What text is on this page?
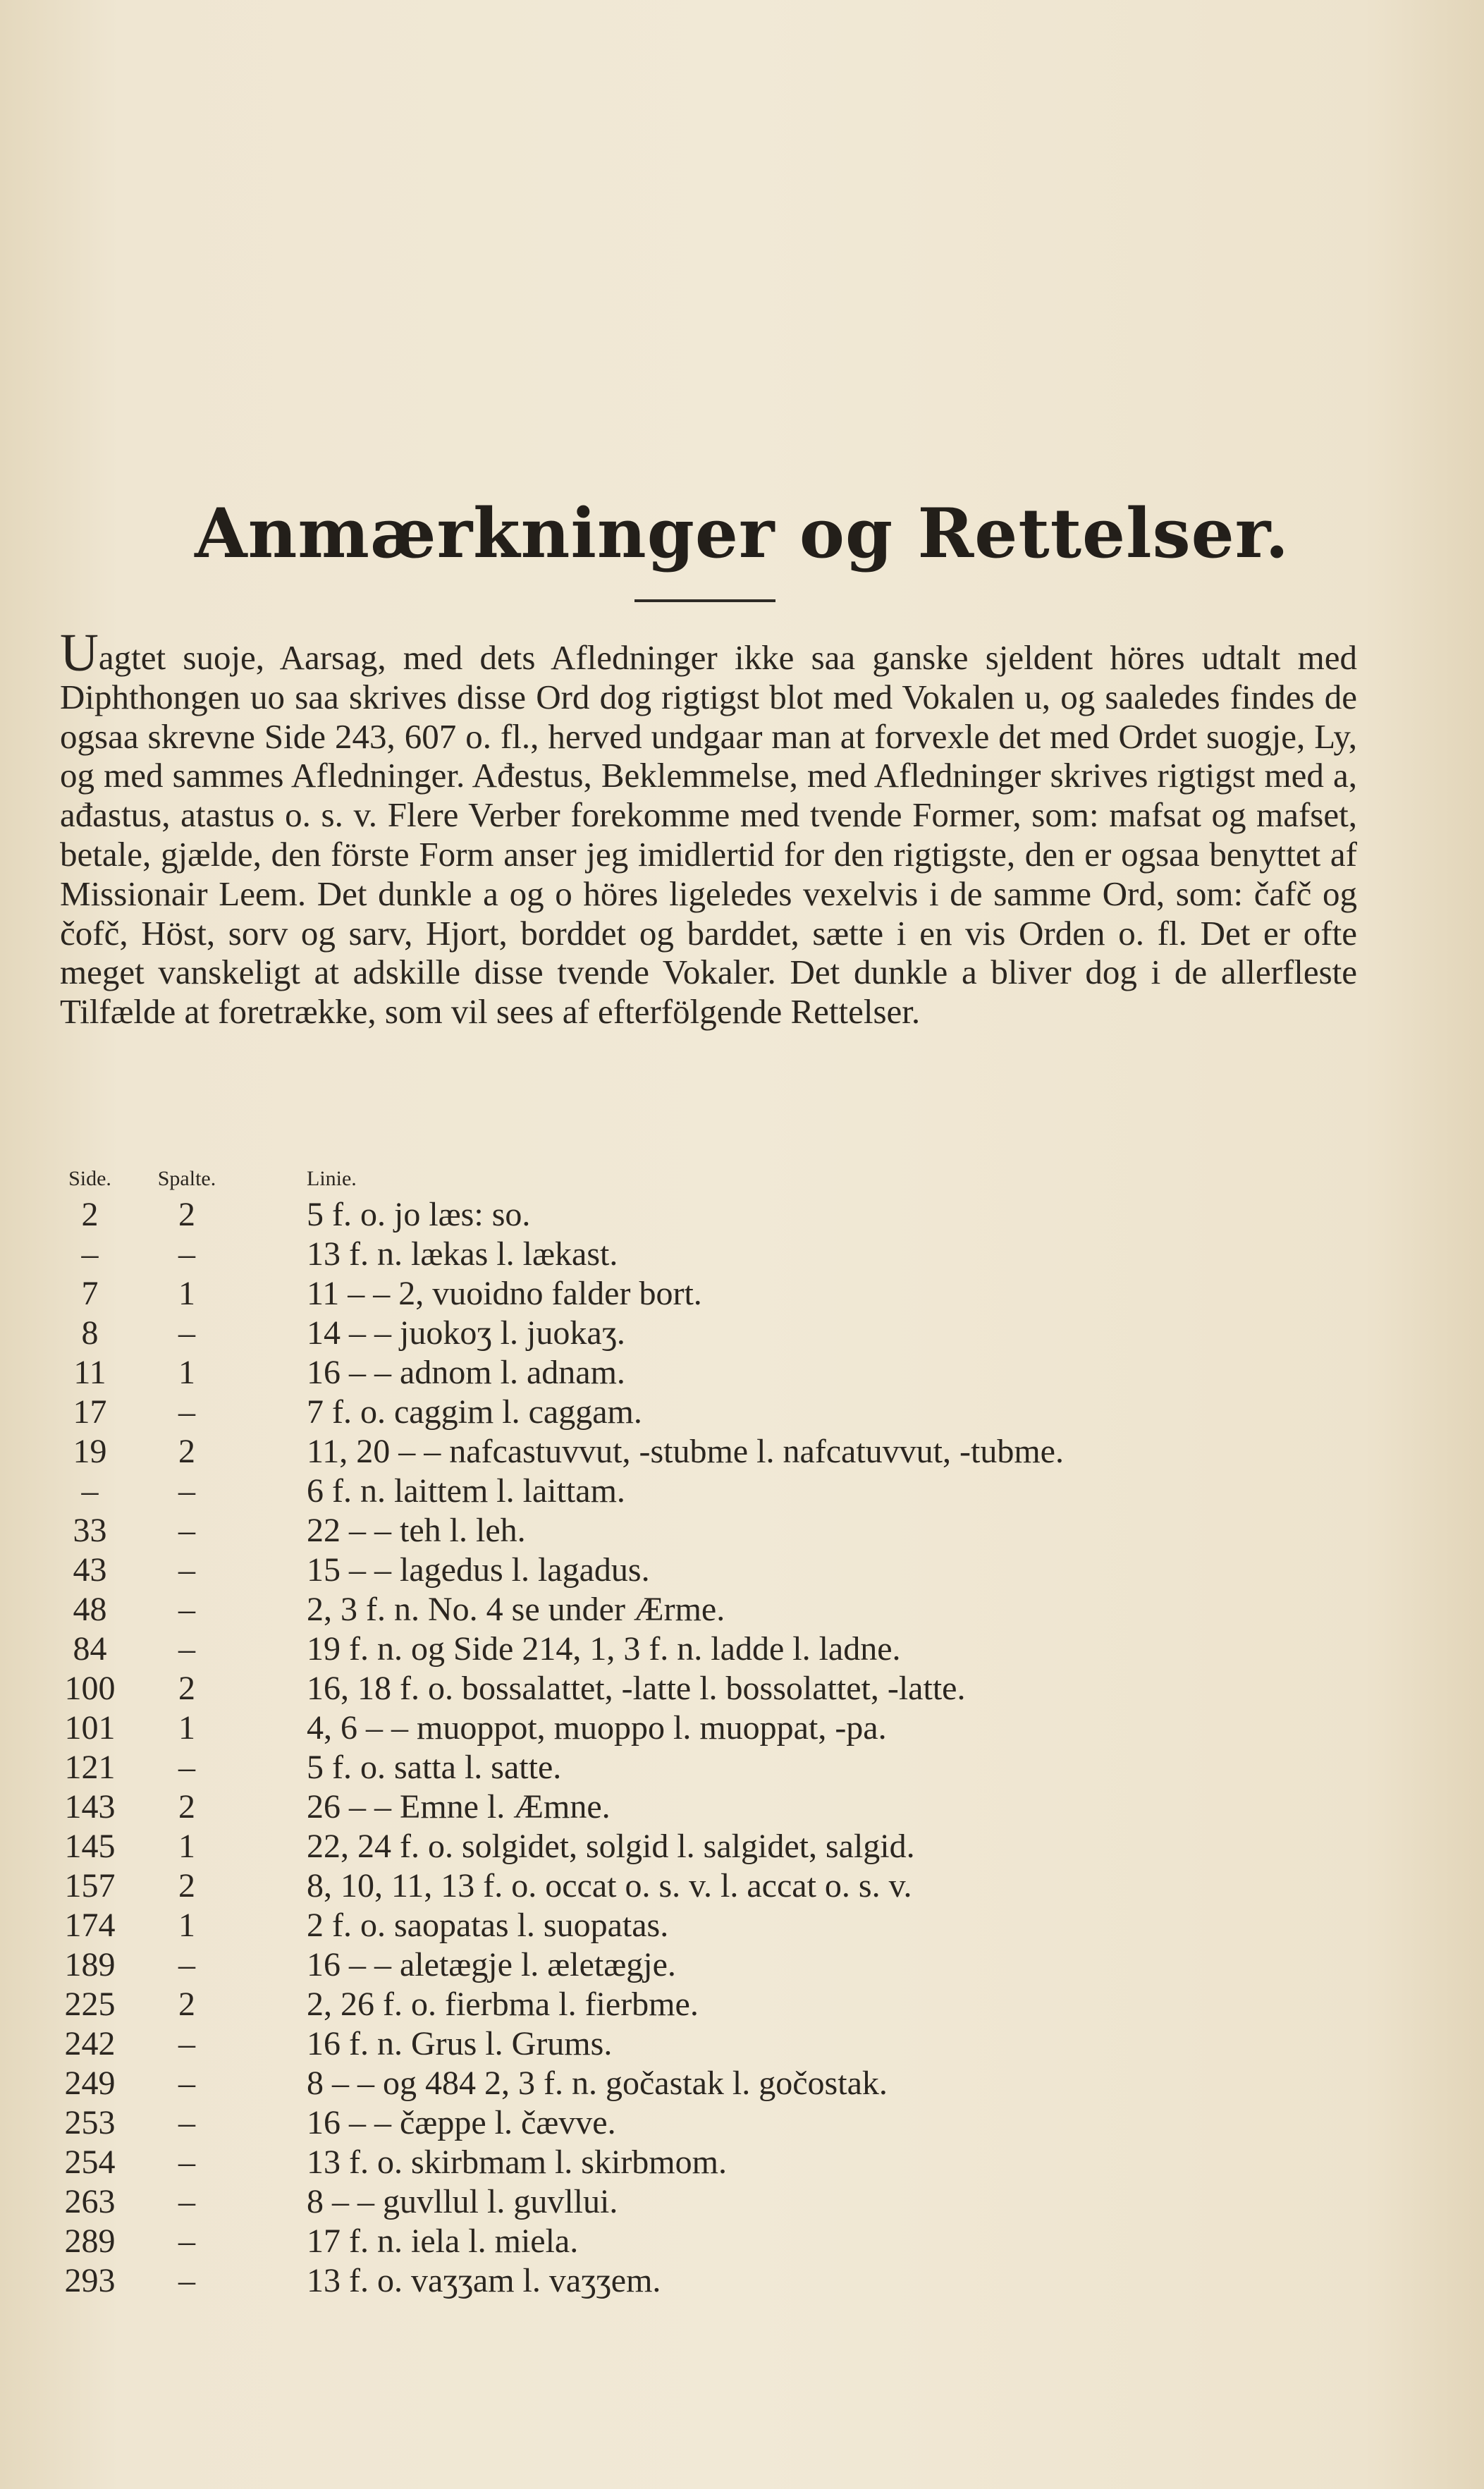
Anmærkninger og Rettelser.

Uagtet suoje, Aarsag, med dets Afledninger ikke saa ganske sjeldent höres udtalt med Diphthongen uo saa skrives disse Ord dog rigtigst blot med Vokalen u, og saaledes findes de ogsaa skrevne Side 243, 607 o. fl., herved undgaar man at forvexle det med Ordet suogje, Ly, og med sammes Afledninger. Ađestus, Beklemmelse, med Afledninger skrives rigtigst med a, ađastus, atastus o. s. v. Flere Verber forekomme med tvende Former, som: mafsat og mafset, betale, gjælde, den förste Form anser jeg imidlertid for den rigtigste, den er ogsaa benyttet af Missionair Leem. Det dunkle a og o höres ligeledes vexelvis i de samme Ord, som: čafč og čofč, Höst, sorv og sarv, Hjort, borddet og barddet, sætte i en vis Orden o. fl. Det er ofte meget vanskeligt at adskille disse tvende Vokaler. Det dunkle a bliver dog i de allerfleste Tilfælde at foretrække, som vil sees af efterfölgende Rettelser.

Side.	Spalte.	Linie.
2	2	5 f. o. jo læs: so.
–	–	13 f. n. lækas l. lækast.
7	1	11 – – 2, vuoidno falder bort.
8	–	14 – – juokoʒ l. juokaʒ.
11	1	16 – – adnom l. adnam.
17	–	7 f. o. caggim l. caggam.
19	2	11, 20 – – nafcastuvvut, -stubme l. nafcatuvvut, -tubme.
–	–	6 f. n. laittem l. laittam.
33	–	22 – – teh l. leh.
43	–	15 – – lagedus l. lagadus.
48	–	2, 3 f. n. No. 4 se under Ærme.
84	–	19 f. n. og Side 214, 1, 3 f. n. ladde l. ladne.
100	2	16, 18 f. o. bossalattet, -latte l. bossolattet, -latte.
101	1	4, 6 – – muoppot, muoppo l. muoppat, -pa.
121	–	5 f. o. satta l. satte.
143	2	26 – – Emne l. Æmne.
145	1	22, 24 f. o. solgidet, solgid l. salgidet, salgid.
157	2	8, 10, 11, 13 f. o. occat o. s. v. l. accat o. s. v.
174	1	2 f. o. saopatas l. suopatas.
189	–	16 – – aletægje l. æletægje.
225	2	2, 26 f. o. fierbma l. fierbme.
242	–	16 f. n. Grus l. Grums.
249	–	8 – – og 484 2, 3 f. n. gočastak l. gočostak.
253	–	16 – – čæppe l. čævve.
254	–	13 f. o. skirbmam l. skirbmom.
263	–	8 – – guvllul l. guvllui.
289	–	17 f. n. iela l. miela.
293	–	13 f. o. vaʒʒam l. vaʒʒem.
